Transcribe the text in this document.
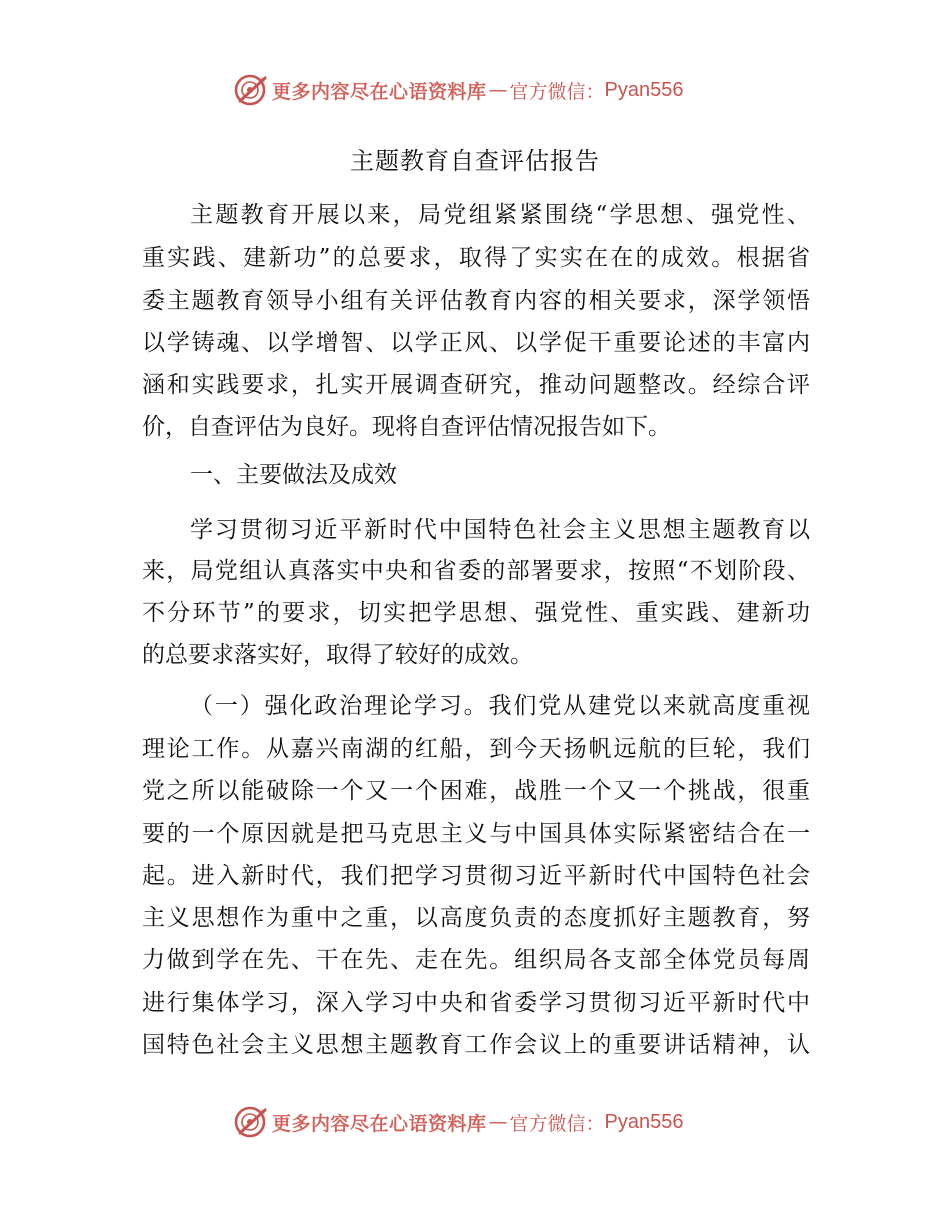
更多内容尽在心语资料库 — 官方微信： Pyan556
主题教育自查评估报告
主题教育开展以来，局党组紧紧围绕“学思想、强党性、
重实践、建新功”的总要求，取得了实实在在的成效。根据省
委主题教育领导小组有关评估教育内容的相关要求，深学领悟
以学铸魂、以学增智、以学正风、以学促干重要论述的丰富内
涵和实践要求，扎实开展调查研究，推动问题整改。经综合评
价，自查评估为良好。现将自查评估情况报告如下。
一、主要做法及成效
学习贯彻习近平新时代中国特色社会主义思想主题教育以
来，局党组认真落实中央和省委的部署要求，按照“不划阶段、
不分环节”的要求，切实把学思想、强党性、重实践、建新功
的总要求落实好，取得了较好的成效。
（一）强化政治理论学习。我们党从建党以来就高度重视
理论工作。从嘉兴南湖的红船，到今天扬帆远航的巨轮，我们
党之所以能破除一个又一个困难，战胜一个又一个挑战，很重
要的一个原因就是把马克思主义与中国具体实际紧密结合在一
起。进入新时代，我们把学习贯彻习近平新时代中国特色社会
主义思想作为重中之重，以高度负责的态度抓好主题教育，努
力做到学在先、干在先、走在先。组织局各支部全体党员每周
进行集体学习，深入学习中央和省委学习贯彻习近平新时代中
国特色社会主义思想主题教育工作会议上的重要讲话精神，认
更多内容尽在心语资料库 — 官方微信： Pyan556
